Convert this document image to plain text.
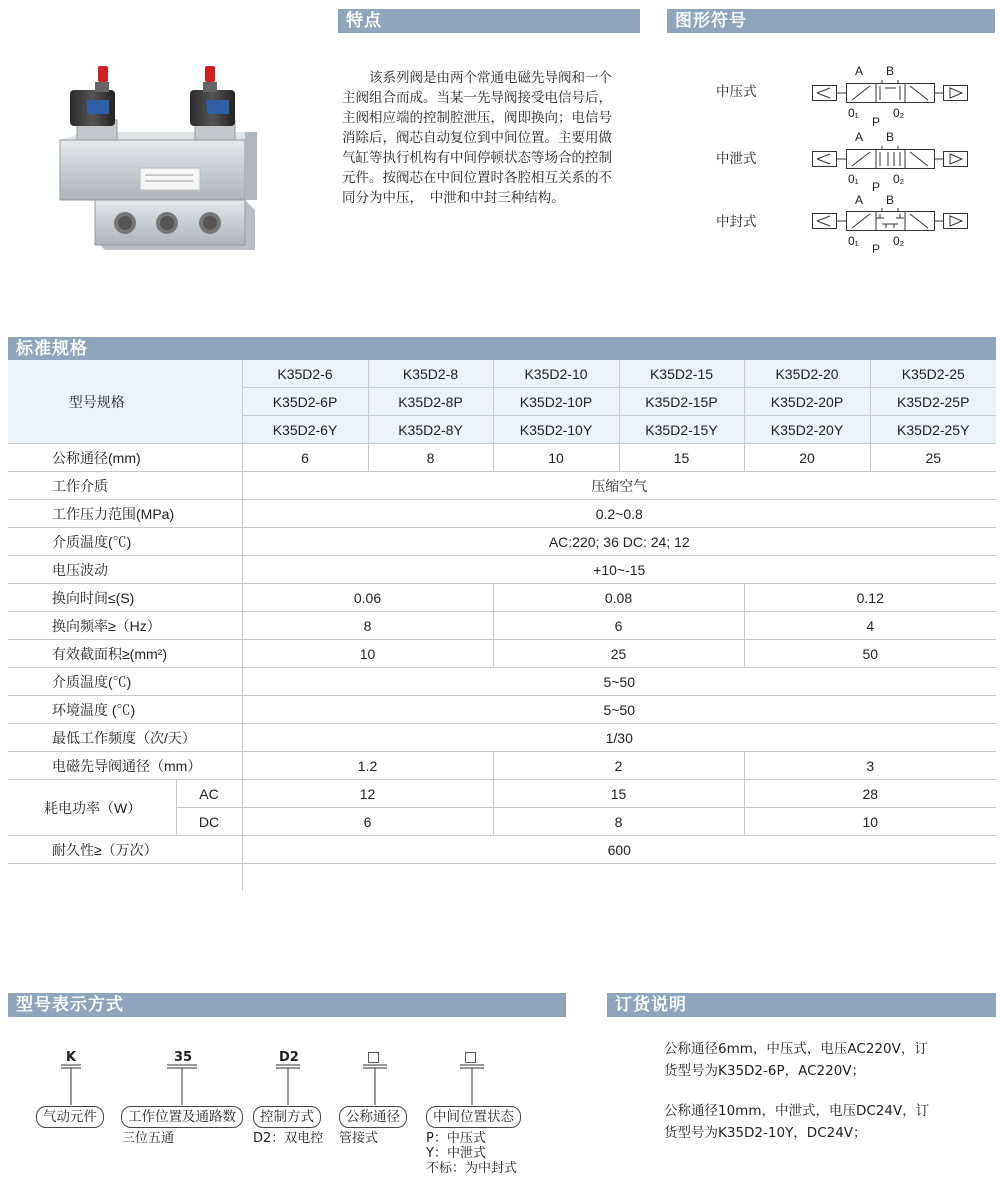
特点	图形符号
　　该系列阀是由两个常通电磁先导阀和一个
主阀组合而成。当某一先导阀接受电信号后，
主阀相应端的控制腔泄压，阀即换向；电信号
消除后，阀芯自动复位到中间位置。主要用做
气缸等执行机构有中间停顿状态等场合的控制
元件。按阀芯在中间位置时各腔相互关系的不
同分为中压，　中泄和中封三种结构。
中压式
A B
0₁
P
0₂
中泄式
A B
0₁
P
0₂
中封式
A B
0₁
P
0₂
标准规格
型号规格		K35D2-6	K35D2-8	K35D2-10	K35D2-15	K35D2-20	K35D2-25
		K35D2-6P	K35D2-8P	K35D2-10P	K35D2-15P	K35D2-20P	K35D2-25P
		K35D2-6Y	K35D2-8Y	K35D2-10Y	K35D2-15Y	K35D2-20Y	K35D2-25Y
公称通径(mm)		6	8	10	15	20	25
工作介质		压缩空气					
工作压力范围(MPa)		0.2~0.8					
介质温度(℃)		AC:220; 36 DC: 24; 12					
电压波动		+10~-15					
换向时间≤(S)		0.06		0.08		0.12	
换向频率≥（Hz）		8		6		4	
有效截面积≥(mm²)		10		25		50	
介质温度(℃)		5~50					
环境温度 (℃)		5~50					
最低工作频度（次/天）		1/30					
电磁先导阀通径（mm）		1.2		2		3	
耗电功率（W）	AC	12		15		28	
	DC	6		8		10	
耐久性≥（万次）		600					

型号表示方式	订货说明
K	35	D2	□	□
气动元件	工作位置及通路数	控制方式	公称通径	中间位置状态
三位五通	D2：双电控 管接式	P：中压式
Y：中泄式
不标：为中封式
公称通径6mm，中压式，电压AC220V，订
货型号为K35D2-6P，AC220V；
公称通径10mm，中泄式，电压DC24V，订
货型号为K35D2-10Y，DC24V；
